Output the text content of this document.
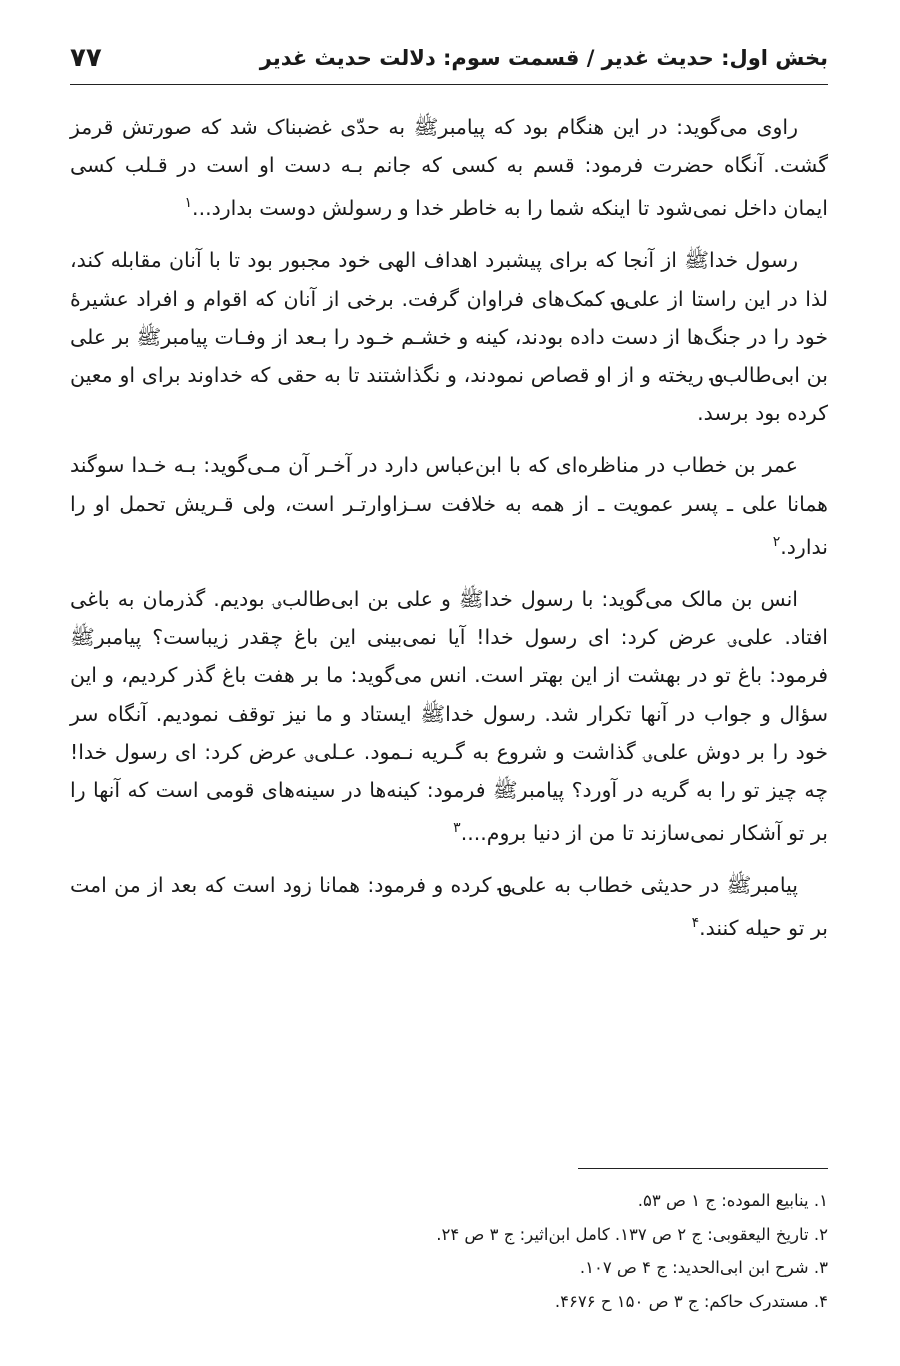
بخش اول: حدیث غدیر / قسمت سوم: دلالت حدیث غدیر
۷۷

راوی می‌گوید: در این هنگام بود که پیامبرﷺ به حدّی غضبناک شد که صورتش قرمز گشت. آنگاه حضرت فرمود: قسم به کسی که جانم بـه دست او است در قـلب کسی ایمان داخل نمی‌شود تا اینکه شما را به خاطر خدا و رسولش دوست بدارد...$^۱$

رسول خداﷺ از آنجا که برای پیشبرد اهداف الهی خود مجبور بود تا با آنان مقابله کند، لذا در این راستا از علی؈ کمک‌های فراوان گرفت. برخی از آنان که اقوام و افراد عشیرهٔ خود را در جنگ‌ها از دست داده بودند، کینه و خشـم خـود را بـعد از وفـات پیامبرﷺ بر علی بن ابی‌طالب؈ ریخته و از او قصاص نمودند، و نگذاشتند تا به حقی که خداوند برای او معین کرده بود برسد.

عمر بن خطاب در مناظره‌ای که با ابن‌عباس دارد در آخـر آن مـی‌گوید: بـه خـدا سوگند همانا علی ـ پسر عمویت ـ از همه به خلافت سـزاوارتـر است، ولی قـریش تحمل او را ندارد.$^۲$

انس بن مالک می‌گوید: با رسول خداﷺ و علی بن ابی‌طالب؈ بودیم. گذرمان به باغی افتاد. علی؈ عرض کرد: ای رسول خدا! آیا نمی‌بینی این باغ چقدر زیباست؟ پیامبرﷺ فرمود: باغ تو در بهشت از این بهتر است. انس می‌گوید: ما بر هفت باغ گذر کردیم، و این سؤال و جواب در آنها تکرار شد. رسول خداﷺ ایستاد و ما نیز توقف نمودیم. آنگاه سر خود را بر دوش علی؈ گذاشت و شروع به گـریه نـمود. عـلی؈ عرض کرد: ای رسول خدا! چه چیز تو را به گریه در آورد؟ پیامبرﷺ فرمود: کینه‌ها در سینه‌های قومی است که آنها را بر تو آشکار نمی‌سازند تا من از دنیا بروم....$^۳$

پیامبرﷺ در حدیثی خطاب به علی؈ کرده و فرمود: همانا زود است که بعد از من امت بر تو حیله کنند.$^۴$

۱. ینابیع الموده: ج ۱ ص ۵۳.
۲. تاریخ الیعقوبی: ج ۲ ص ۱۳۷. کامل ابن‌اثیر: ج ۳ ص ۲۴.
۳. شرح ابن ابی‌الحدید: ج ۴ ص ۱۰۷.
۴. مستدرک حاکم: ج ۳ ص ۱۵۰ ح ۴۶۷۶.
